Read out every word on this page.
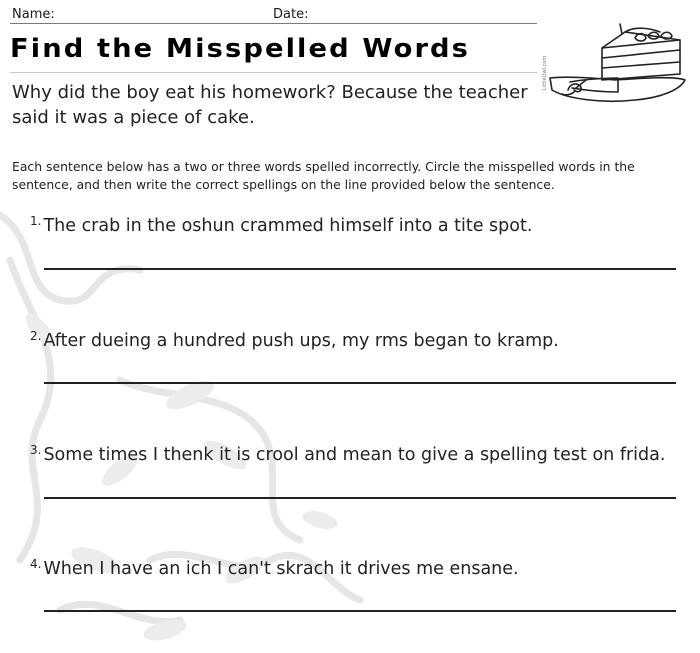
Name:	Date:
Find the Misspelled Words
Why did the boy eat his homework? Because the teacher said it was a piece of cake.
Each sentence below has a two or three words spelled incorrectly. Circle the misspelled words in the sentence, and then write the correct spellings on the line provided below the sentence.
$^{1.}$ The crab in the oshun crammed himself into a tite spot.
$^{2.}$ After dueing a hundred push ups, my rms began to kramp.
$^{3.}$ Some times I thenk it is crool and mean to give a spelling test on frida.
$^{4.}$ When I have an ich I can't skrach it drives me ensane.
LittleOwl.com
